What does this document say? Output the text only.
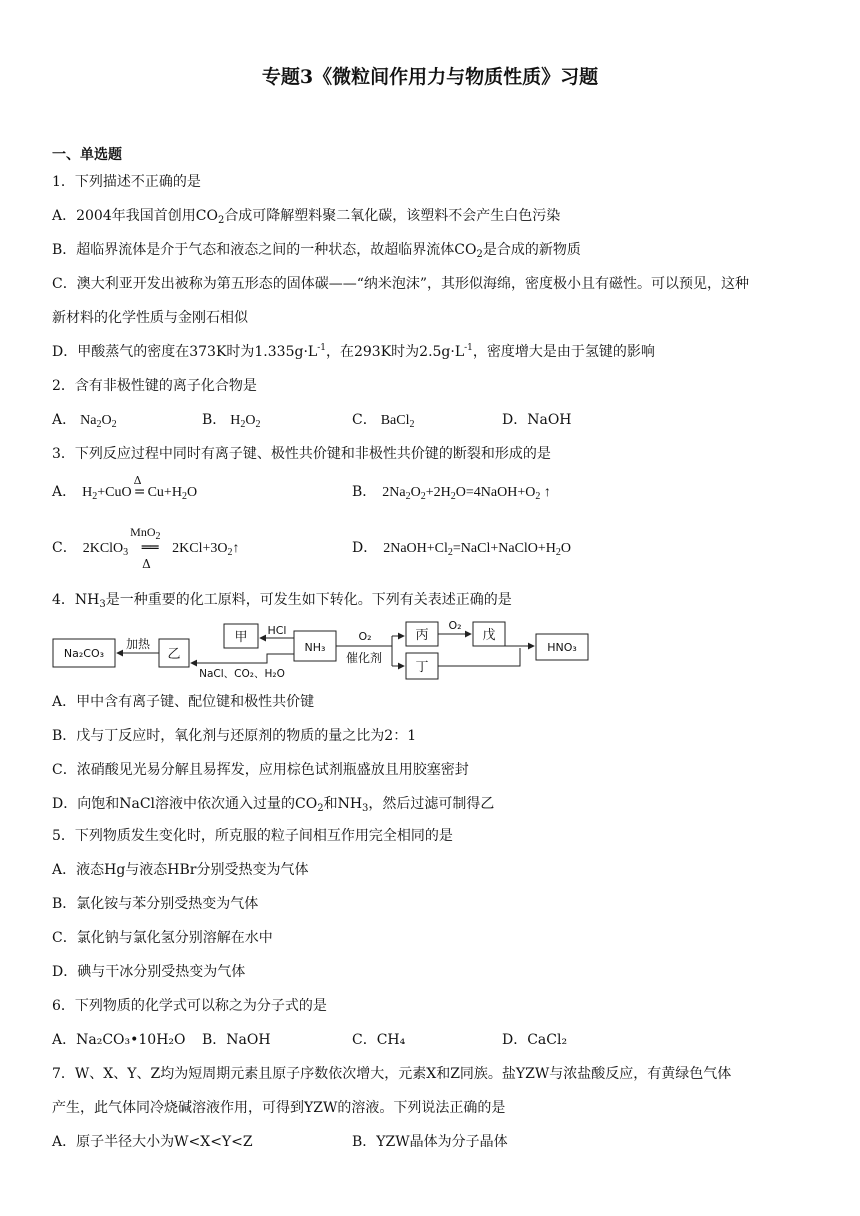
专题3《微粒间作用力与物质性质》习题
一、单选题
1．下列描述不正确的是
A．2004年我国首创用$CO_2$合成可降解塑料聚二氧化碳，该塑料不会产生白色污染
B．超临界流体是介于气态和液态之间的一种状态，故超临界流体$CO_2$是合成的新物质
C．澳大利亚开发出被称为第五形态的固体碳——“纳米泡沫”，其形似海绵，密度极小且有磁性。可以预见，这种
新材料的化学性质与金刚石相似
D．甲酸蒸气的密度在373K时为$1.335g\cdot L^{-1}$，在293K时为$2.5g\cdot L^{-1}$，密度增大是由于氢键的影响
2．含有非极性键的离子化合物是
A． $Na_2O_2$	B． $H_2O_2$	C． BaCl$_2$	D．NaOH
3．下列反应过程中同时有离子键、极性共价键和非极性共价键的断裂和形成的是
A． $H_2+CuO$
Δ
= $Cu+H_2O$	B． $2Na_2O_2+2H_2O=4NaOH+O_2$ ↑
C． 2KClO$_3$
MnO$_2$
══
Δ
$2KCl+3O_2↑$	D． $2NaOH+Cl_2=NaCl+NaClO+H_2O$
4．$NH_3$是一种重要的化工原料，可发生如下转化。下列有关表述正确的是
Na₂CO₃
加热
乙
甲 HCl
NH₃
NaCl、CO₂、H₂O
O₂
催化剂
丙
丁
O₂
戊
HNO₃
A．甲中含有离子键、配位键和极性共价键
B．戊与丁反应时，氧化剂与还原剂的物质的量之比为2：1
C．浓硝酸见光易分解且易挥发，应用棕色试剂瓶盛放且用胶塞密封
D．向饱和NaCl溶液中依次通入过量的$CO_2$和$NH_3$，然后过滤可制得乙
5．下列物质发生变化时，所克服的粒子间相互作用完全相同的是
A．液态Hg与液态HBr分别受热变为气体
B．氯化铵与苯分别受热变为气体
C．氯化钠与氯化氢分别溶解在水中
D．碘与干冰分别受热变为气体
6．下列物质的化学式可以称之为分子式的是
A．Na₂CO₃•10H₂O B．NaOH	C．CH₄	D．CaCl₂
7．W、X、Y、Z均为短周期元素且原子序数依次增大，元素X和Z同族。盐YZW与浓盐酸反应，有黄绿色气体
产生，此气体同冷烧碱溶液作用，可得到YZW的溶液。下列说法正确的是
A．原子半径大小为W<X<Y<Z	B．YZW晶体为分子晶体
